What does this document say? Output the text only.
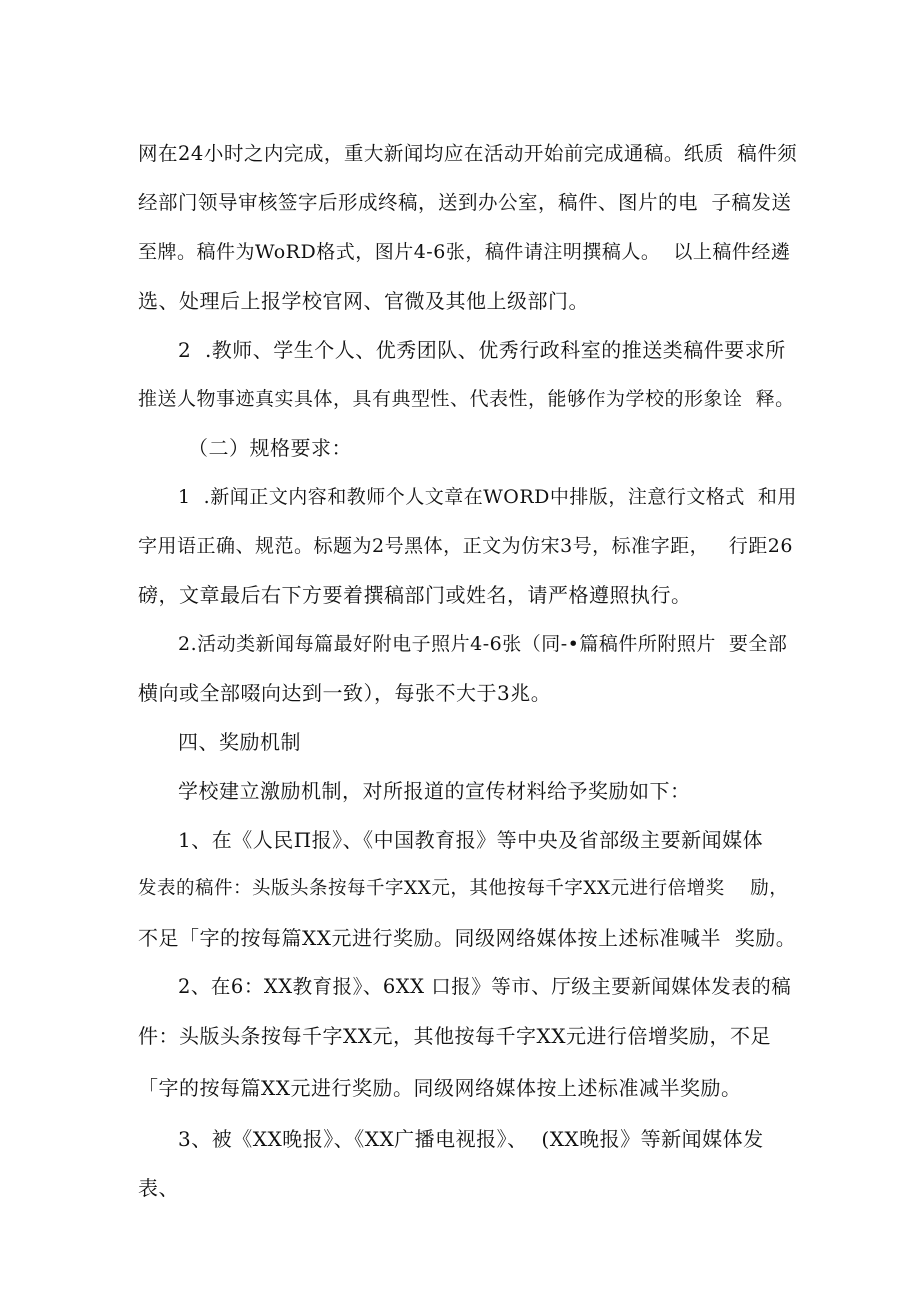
网在24小时之内完成，重大新闻均应在活动开始前完成通稿。纸质  稿件须
经部门领导审核签字后形成终稿，送到办公室，稿件、图片的电  子稿发送
至牌。稿件为WoRD格式，图片4-6张，稿件请注明撰稿人。  以上稿件经遴
选、处理后上报学校官网、官微及其他上级部门。
2  .教师、学生个人、优秀团队、优秀行政科室的推送类稿件要求所
推送人物事迹真实具体，具有典型性、代表性，能够作为学校的形象诠  释。
（二）规格要求：
1  .新闻正文内容和教师个人文章在WORD中排版，注意行文格式  和用
字用语正确、规范。标题为2号黑体，正文为仿宋3号，标准字距，   行距26
磅，文章最后右下方要着撰稿部门或姓名，请严格遵照执行。
2.活动类新闻每篇最好附电子照片4-6张（同-•篇稿件所附照片  要全部
横向或全部啜向达到一致），每张不大于3兆。
四、奖励机制
学校建立激励机制，对所报道的宣传材料给予奖励如下：
1、在《人民Π报》、《中国教育报》等中央及省部级主要新闻媒体
发表的稿件：头版头条按每千字XX元，其他按每千字XX元进行倍增奖    励，
不足「字的按每篇XX元进行奖励。同级网络媒体按上述标准喊半  奖励。
2、在6：XX教育报》、6XX 口报》等市、厅级主要新闻媒体发表的稿
件：头版头条按每千字XX元，其他按每千字XX元进行倍增奖励，不足
「字的按每篇XX元进行奖励。同级网络媒体按上述标准减半奖励。
3、被《XX晚报》、《XX广播电视报》、  (XX晚报》等新闻媒体发
表、
